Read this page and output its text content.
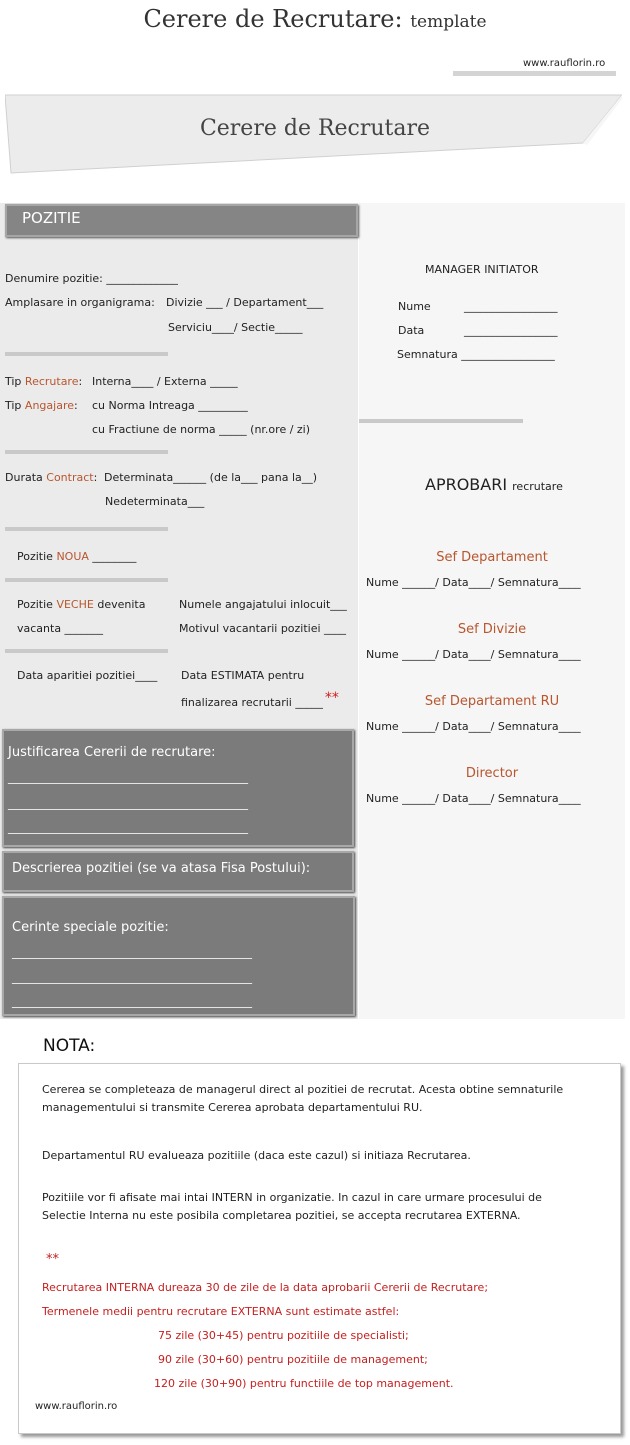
Cerere de Recrutare: template
www.rauflorin.ro
Cerere de Recrutare
POZITIE
Denumire pozitie: _____________
Amplasare in organigrama: Divizie ___ / Departament___
Serviciu____/ Sectie_____
Tip Recrutare: Interna____ / Externa _____
Tip Angajare: cu Norma Intreaga _________
cu Fractiune de norma _____ (nr.ore / zi)
Durata Contract: Determinata______ (de la___ pana la__)
Nedeterminata___
Pozitie NOUA ________
Pozitie VECHE devenita
vacanta _______
Numele angajatului inlocuit___
Motivul vacantarii pozitiei ____
Data aparitiei pozitiei____ Data ESTIMATA pentru
finalizarea recrutarii _____ **
Justificarea Cererii de recrutare:
________________________________________
________________________________________
________________________________________
Descrierea pozitiei (se va atasa Fisa Postului):
Cerinte speciale pozitie:
________________________________________
________________________________________
________________________________________
MANAGER INITIATOR
Nume	_________________
Data	_________________
Semnatura _________________
APROBARI recrutare
Sef Departament
Nume ______/ Data____/ Semnatura____
Sef Divizie
Nume ______/ Data____/ Semnatura____
Sef Departament RU
Nume ______/ Data____/ Semnatura____
Director
Nume ______/ Data____/ Semnatura____
NOTA:
Cererea se completeaza de managerul direct al pozitiei de recrutat. Acesta obtine semnaturile
managementului si transmite Cererea aprobata departamentului RU.
Departamentul RU evalueaza pozitiile (daca este cazul) si initiaza Recrutarea.
Pozitiile vor fi afisate mai intai INTERN in organizatie. In cazul in care urmare procesului de
Selectie Interna nu este posibila completarea pozitiei, se accepta recrutarea EXTERNA.
**
Recrutarea INTERNA dureaza 30 de zile de la data aprobarii Cererii de Recrutare;
Termenele medii pentru recrutare EXTERNA sunt estimate astfel:
75 zile (30+45) pentru pozitiile de specialisti;
90 zile (30+60) pentru pozitiile de management;
120 zile (30+90) pentru functiile de top management.
www.rauflorin.ro
